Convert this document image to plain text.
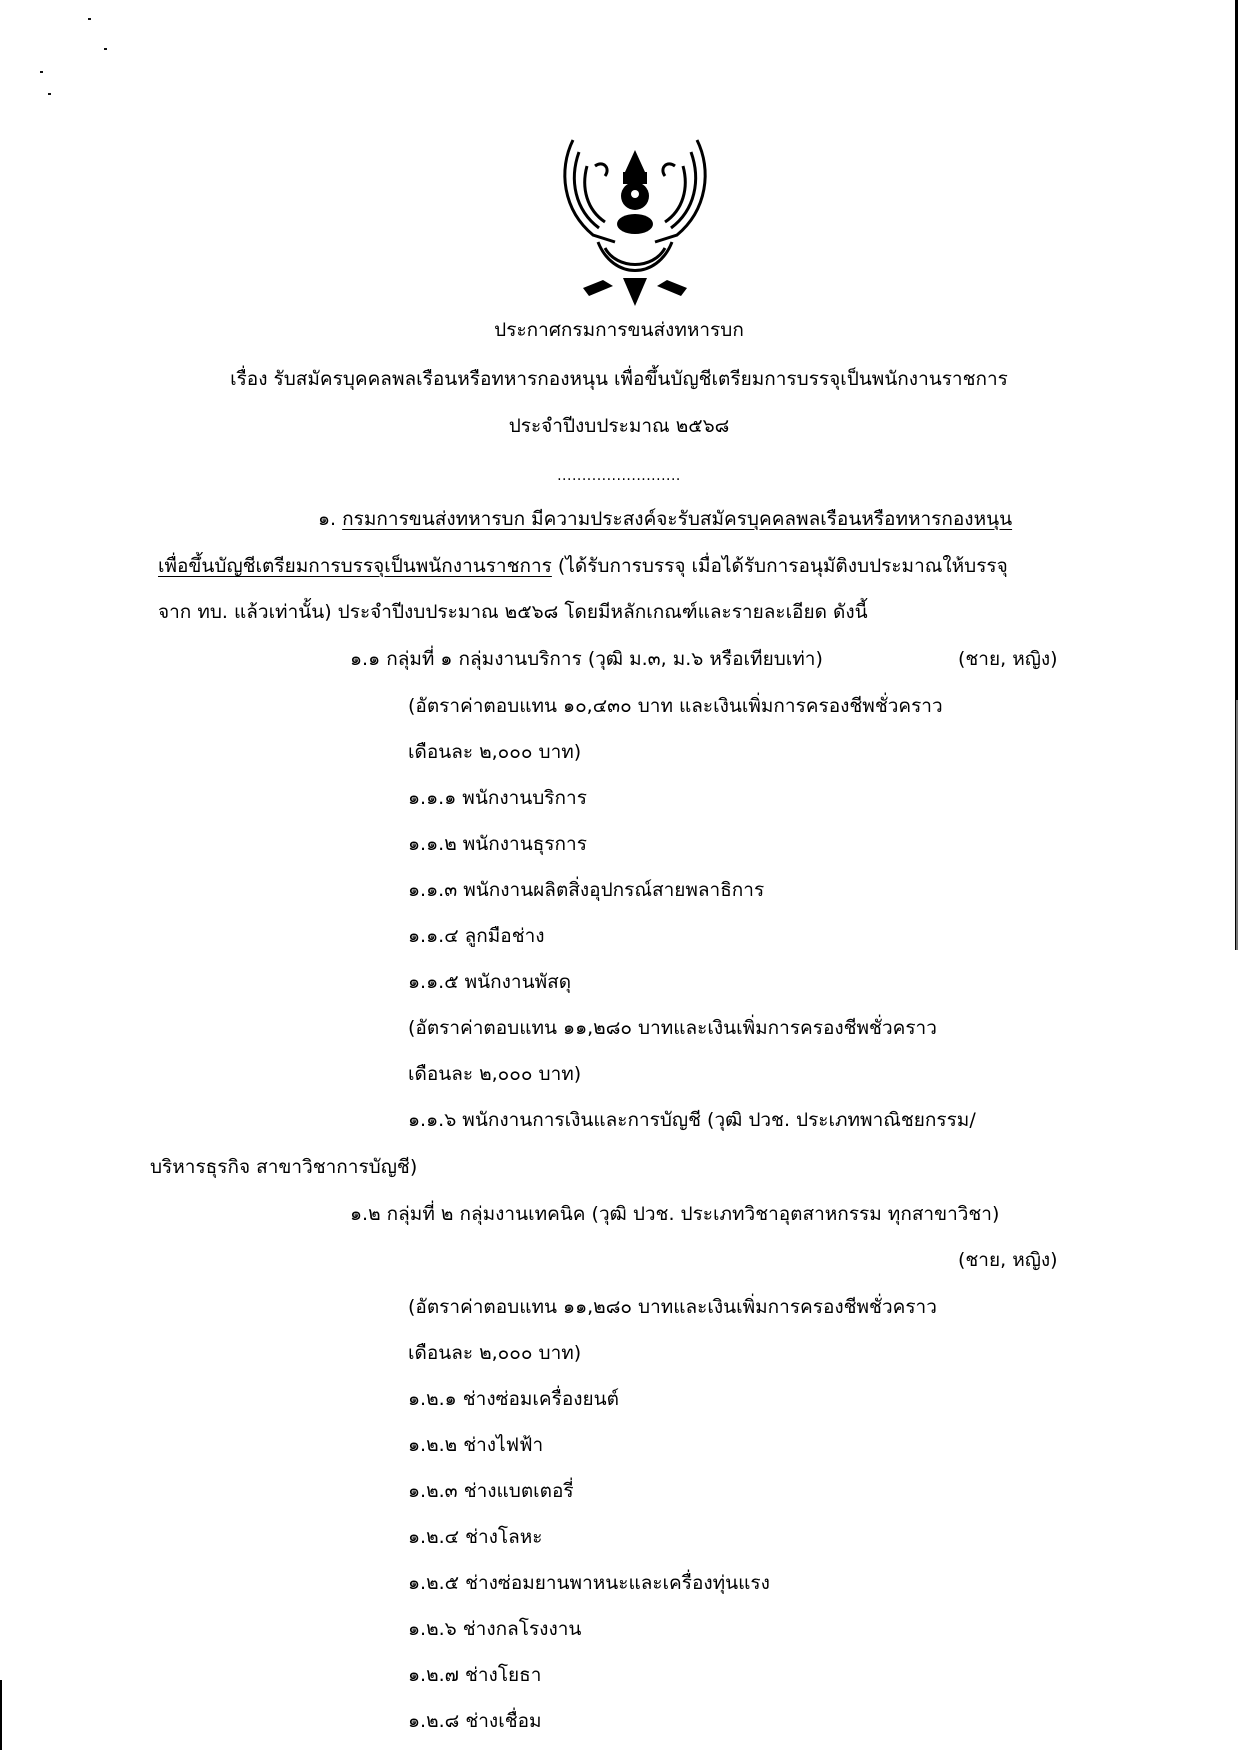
ประกาศกรมการขนส่งทหารบก
เรื่อง รับสมัครบุคคลพลเรือนหรือทหารกองหนุน เพื่อขึ้นบัญชีเตรียมการบรรจุเป็นพนักงานราชการ
ประจำปีงบประมาณ ๒๕๖๘
.........................
๑. กรมการขนส่งทหารบก มีความประสงค์จะรับสมัครบุคคลพลเรือนหรือทหารกองหนุน
เพื่อขึ้นบัญชีเตรียมการบรรจุเป็นพนักงานราชการ (ได้รับการบรรจุ เมื่อได้รับการอนุมัติงบประมาณให้บรรจุ
จาก ทบ. แล้วเท่านั้น) ประจำปีงบประมาณ ๒๕๖๘ โดยมีหลักเกณฑ์และรายละเอียด ดังนี้
๑.๑ กลุ่มที่ ๑ กลุ่มงานบริการ (วุฒิ ม.๓, ม.๖ หรือเทียบเท่า)	(ชาย, หญิง)
(อัตราค่าตอบแทน ๑๐,๔๓๐ บาท และเงินเพิ่มการครองชีพชั่วคราว
เดือนละ ๒,๐๐๐ บาท)
๑.๑.๑ พนักงานบริการ
๑.๑.๒ พนักงานธุรการ
๑.๑.๓ พนักงานผลิตสิ่งอุปกรณ์สายพลาธิการ
๑.๑.๔ ลูกมือช่าง
๑.๑.๕ พนักงานพัสดุ
(อัตราค่าตอบแทน ๑๑,๒๘๐ บาทและเงินเพิ่มการครองชีพชั่วคราว
เดือนละ ๒,๐๐๐ บาท)
๑.๑.๖ พนักงานการเงินและการบัญชี (วุฒิ ปวช. ประเภทพาณิชยกรรม/
บริหารธุรกิจ สาขาวิชาการบัญชี)
๑.๒ กลุ่มที่ ๒ กลุ่มงานเทคนิค (วุฒิ ปวช. ประเภทวิชาอุตสาหกรรม ทุกสาขาวิชา)
(ชาย, หญิง)
(อัตราค่าตอบแทน ๑๑,๒๘๐ บาทและเงินเพิ่มการครองชีพชั่วคราว
เดือนละ ๒,๐๐๐ บาท)
๑.๒.๑ ช่างซ่อมเครื่องยนต์
๑.๒.๒ ช่างไฟฟ้า
๑.๒.๓ ช่างแบตเตอรี่
๑.๒.๔ ช่างโลหะ
๑.๒.๕ ช่างซ่อมยานพาหนะและเครื่องทุ่นแรง
๑.๒.๖ ช่างกลโรงงาน
๑.๒.๗ ช่างโยธา
๑.๒.๘ ช่างเชื่อม
